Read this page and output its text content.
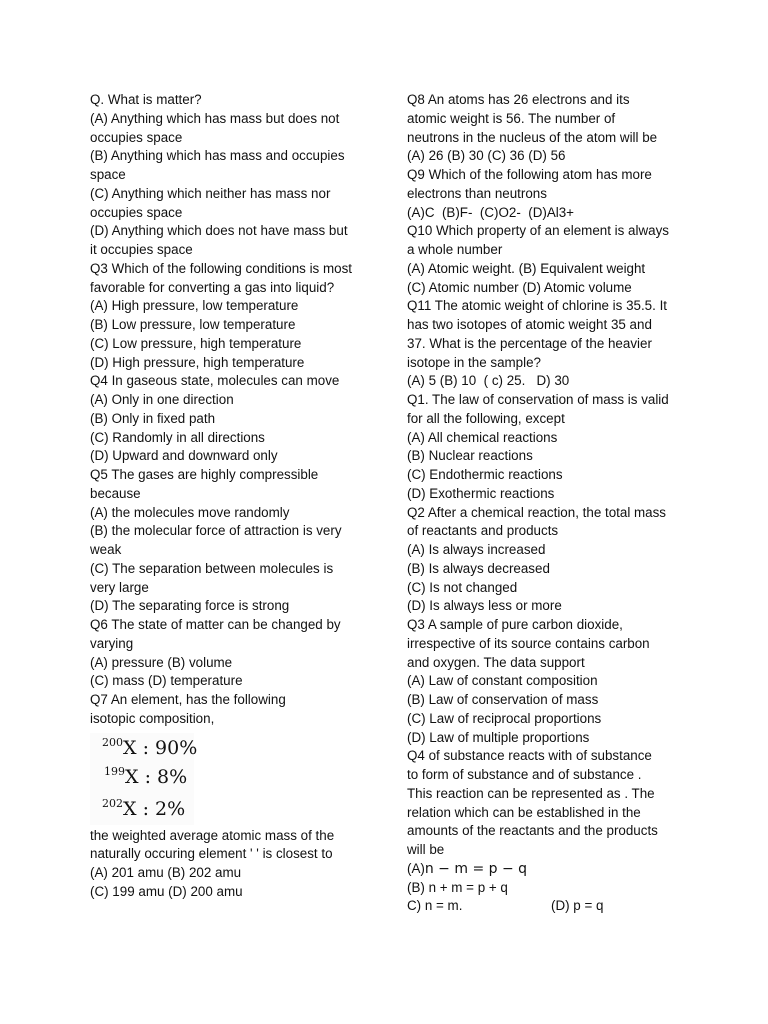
Q. What is matter?
(A) Anything which has mass but does not
occupies space
(B) Anything which has mass and occupies
space
(C) Anything which neither has mass nor
occupies space
(D) Anything which does not have mass but
it occupies space
Q3 Which of the following conditions is most
favorable for converting a gas into liquid?
(A) High pressure, low temperature
(B) Low pressure, low temperature
(C) Low pressure, high temperature
(D) High pressure, high temperature
Q4 In gaseous state, molecules can move
(A) Only in one direction
(B) Only in fixed path
(C) Randomly in all directions
(D) Upward and downward only
Q5 The gases are highly compressible
because
(A) the molecules move randomly
(B) the molecular force of attraction is very
weak
(C) The separation between molecules is
very large
(D) The separating force is strong
Q6 The state of matter can be changed by
varying
(A) pressure (B) volume
(C) mass (D) temperature
Q7 An element, has the following
isotopic composition,
$^{200}$X : 90%
$^{199}$X : 8%
$^{202}$X : 2%
the weighted average atomic mass of the
naturally occuring element ' ' is closest to
(A) 201 amu (B) 202 amu
(C) 199 amu (D) 200 amu
Q8 An atoms has 26 electrons and its
atomic weight is 56. The number of
neutrons in the nucleus of the atom will be
(A) 26 (B) 30 (C) 36 (D) 56
Q9 Which of the following atom has more
electrons than neutrons
(A)C  (B)F-  (C)O2-  (D)Al3+
Q10 Which property of an element is always
a whole number
(A) Atomic weight. (B) Equivalent weight
(C) Atomic number (D) Atomic volume
Q11 The atomic weight of chlorine is 35.5. It
has two isotopes of atomic weight 35 and
37. What is the percentage of the heavier
isotope in the sample?
(A) 5 (B) 10  ( c) 25.   D) 30
Q1. The law of conservation of mass is valid
for all the following, except
(A) All chemical reactions
(B) Nuclear reactions
(C) Endothermic reactions
(D) Exothermic reactions
Q2 After a chemical reaction, the total mass
of reactants and products
(A) Is always increased
(B) Is always decreased
(C) Is not changed
(D) Is always less or more
Q3 A sample of pure carbon dioxide,
irrespective of its source contains carbon
and oxygen. The data support
(A) Law of constant composition
(B) Law of conservation of mass
(C) Law of reciprocal proportions
(D) Law of multiple proportions
Q4 of substance reacts with of substance
to form of substance and of substance .
This reaction can be represented as . The
relation which can be established in the
amounts of the reactants and the products
will be
(A)n − m = p − q
(B) n + m = p + q
C) n = m.	(D) p = q
